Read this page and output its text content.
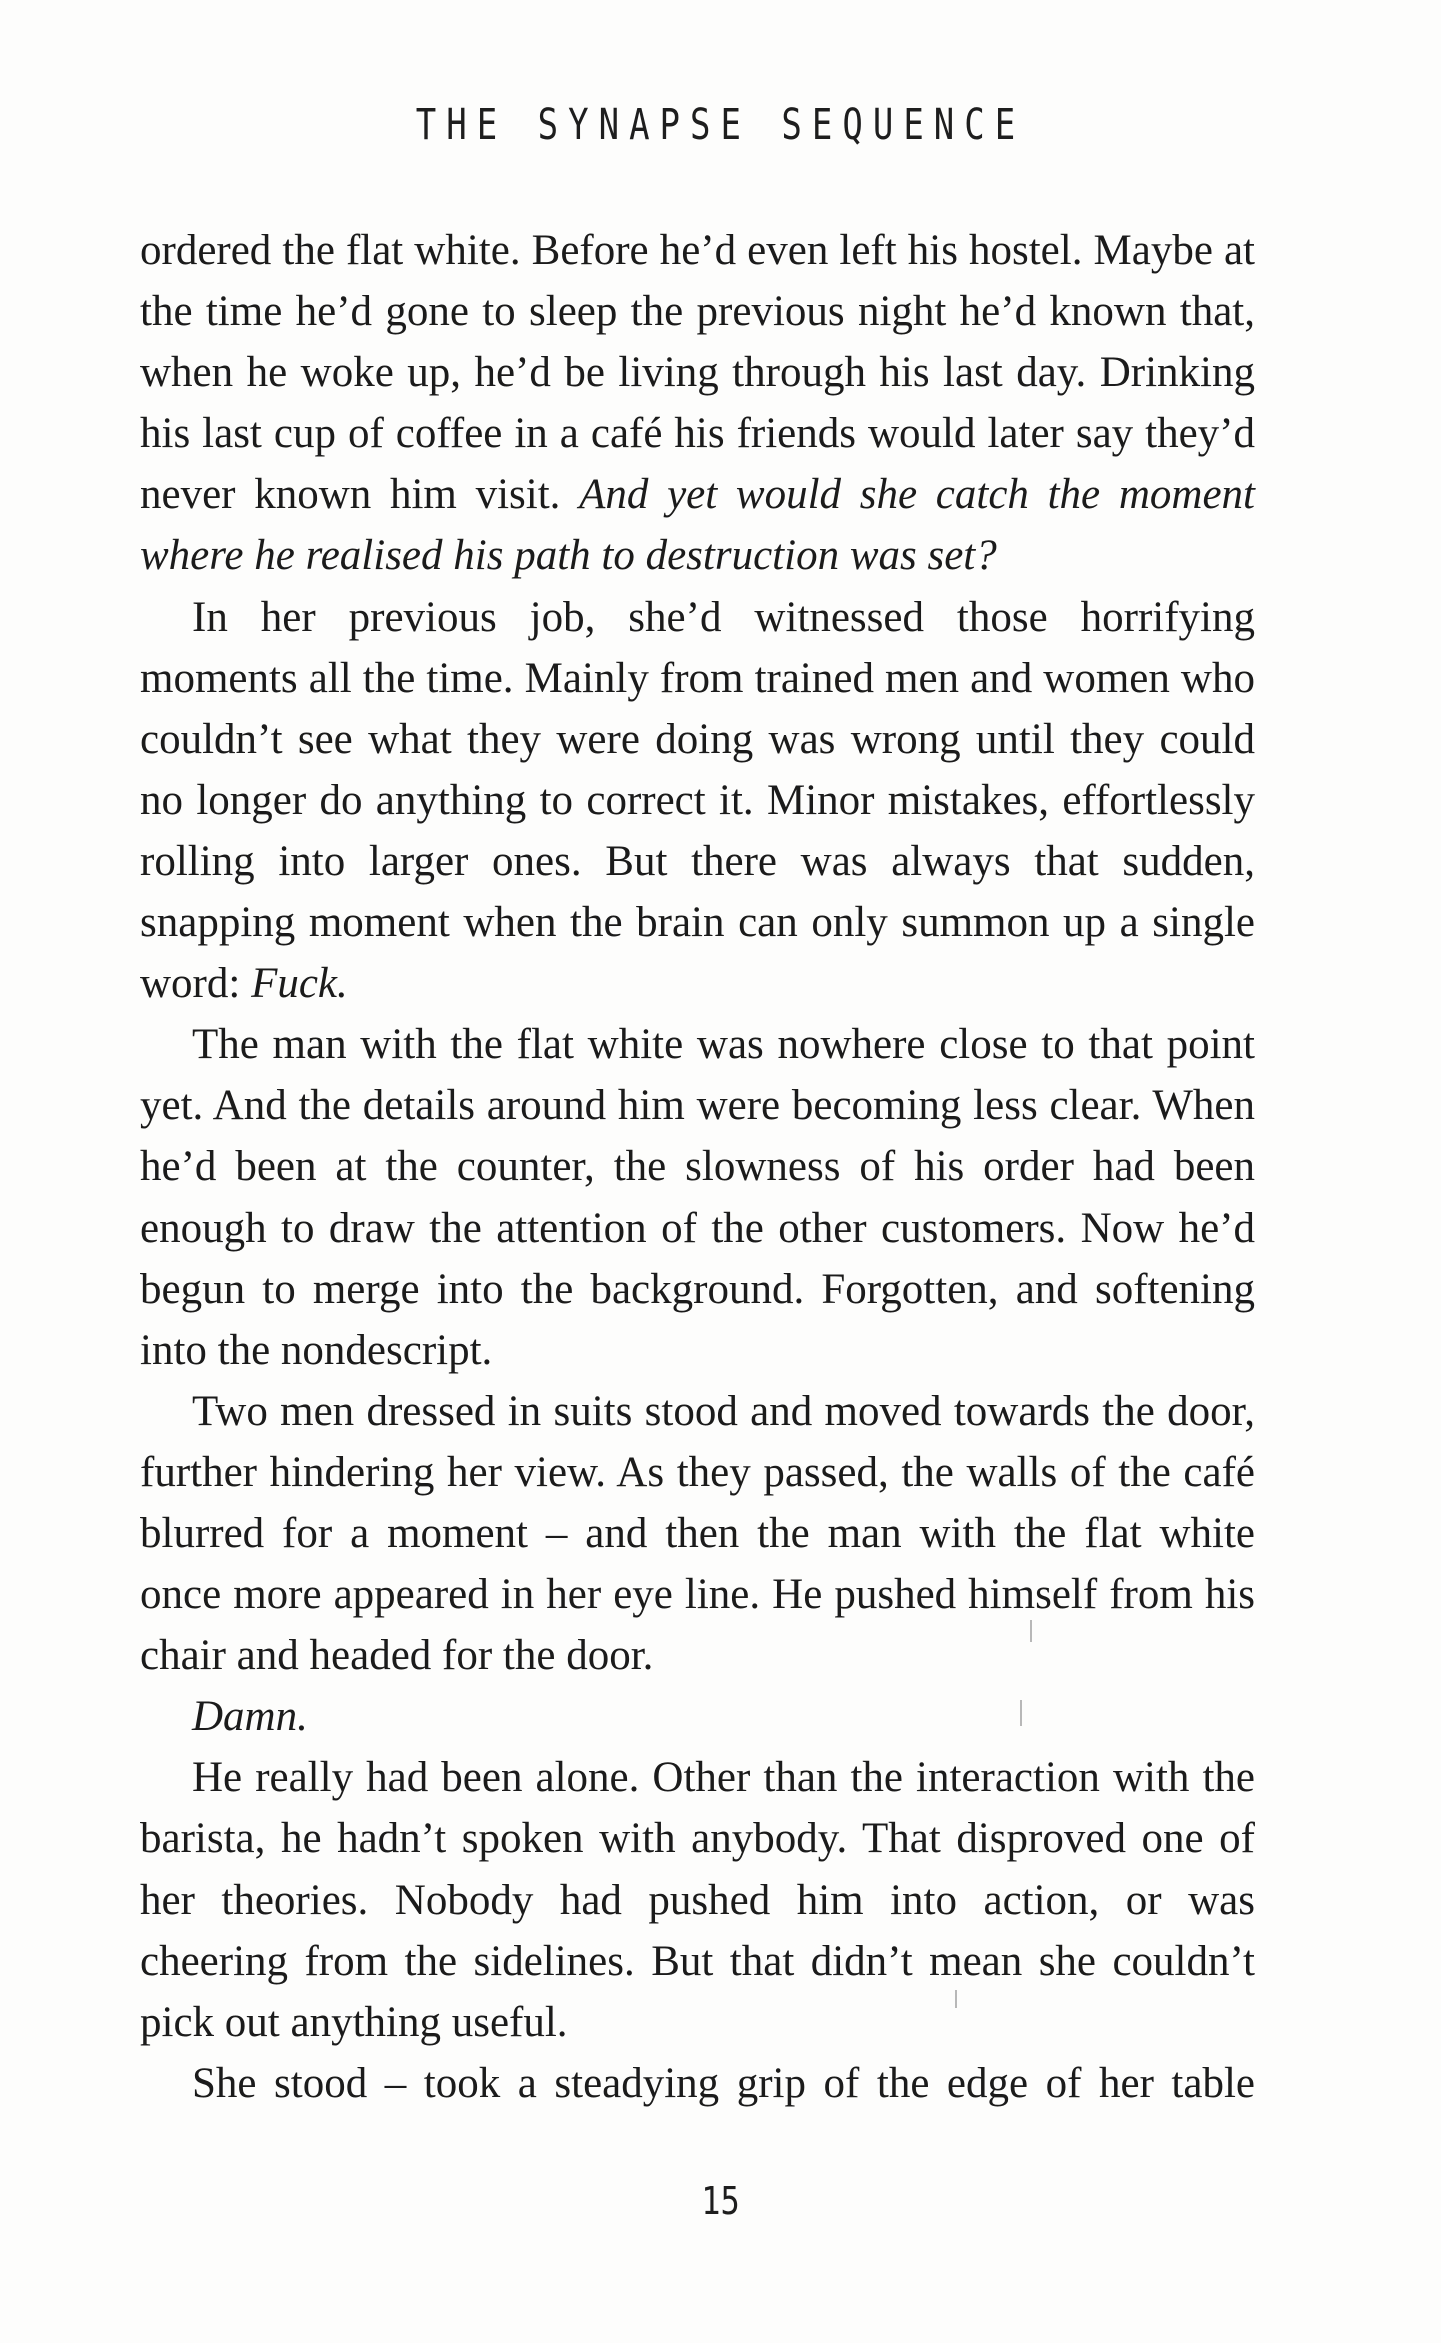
THE SYNAPSE SEQUENCE

ordered the flat white. Before he’d even left his hostel. Maybe at the time he’d gone to sleep the previous night he’d known that, when he woke up, he’d be living through his last day. Drinking his last cup of coffee in a café his friends would later say they’d never known him visit. And yet would she catch the moment where he realised his path to destruction was set?

In her previous job, she’d witnessed those horrifying moments all the time. Mainly from trained men and women who couldn’t see what they were doing was wrong until they could no longer do anything to correct it. Minor mistakes, effortlessly rolling into larger ones. But there was always that sudden, snapping moment when the brain can only summon up a single word: Fuck.

The man with the flat white was nowhere close to that point yet. And the details around him were becoming less clear. When he’d been at the counter, the slowness of his order had been enough to draw the attention of the other customers. Now he’d begun to merge into the background. Forgotten, and softening into the nondescript.

Two men dressed in suits stood and moved towards the door, further hindering her view. As they passed, the walls of the café blurred for a moment – and then the man with the flat white once more appeared in her eye line. He pushed himself from his chair and headed for the door.

Damn.

He really had been alone. Other than the interaction with the barista, he hadn’t spoken with anybody. That disproved one of her theories. Nobody had pushed him into action, or was cheering from the sidelines. But that didn’t mean she couldn’t pick out anything useful.

She stood – took a steadying grip of the edge of her table

15
